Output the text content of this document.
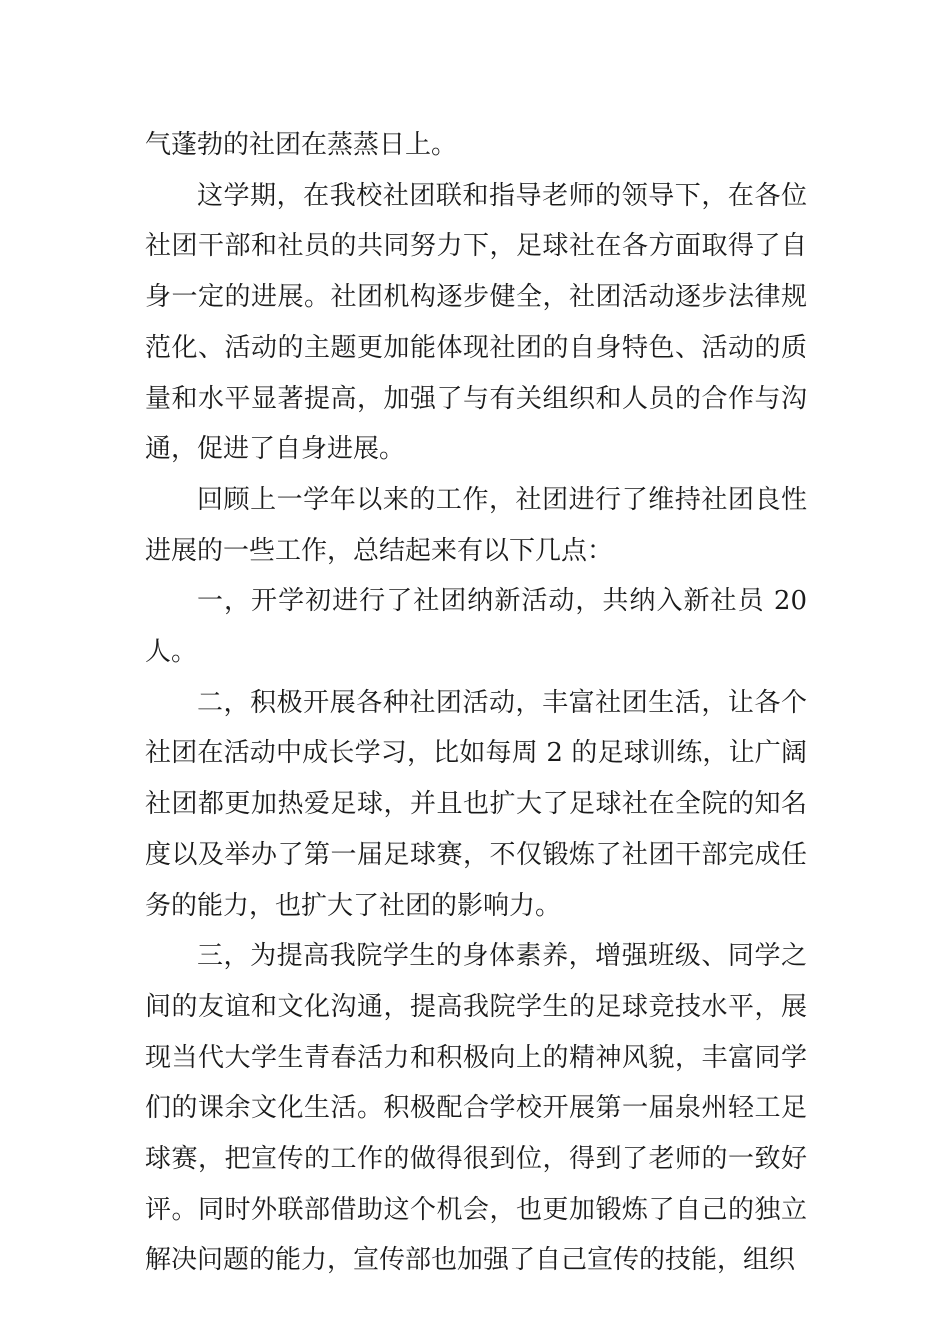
气蓬勃的社团在蒸蒸日上。

这学期，在我校社团联和指导老师的领导下，在各位社团干部和社员的共同努力下，足球社在各方面取得了自身一定的进展。社团机构逐步健全，社团活动逐步法律规范化、活动的主题更加能体现社团的自身特色、活动的质量和水平显著提高，加强了与有关组织和人员的合作与沟通，促进了自身进展。

回顾上一学年以来的工作，社团进行了维持社团良性进展的一些工作，总结起来有以下几点：

一，开学初进行了社团纳新活动，共纳入新社员 20 人。

二，积极开展各种社团活动，丰富社团生活，让各个社团在活动中成长学习，比如每周 2 的足球训练，让广阔社团都更加热爱足球，并且也扩大了足球社在全院的知名度以及举办了第一届足球赛，不仅锻炼了社团干部完成任务的能力，也扩大了社团的影响力。

三，为提高我院学生的身体素养，增强班级、同学之间的友谊和文化沟通，提高我院学生的足球竞技水平，展现当代大学生青春活力和积极向上的精神风貌，丰富同学们的课余文化生活。积极配合学校开展第一届泉州轻工足球赛，把宣传的工作的做得很到位，得到了老师的一致好评。同时外联部借助这个机会，也更加锻炼了自己的独立解决问题的能力，宣传部也加强了自己宣传的技能，组织
